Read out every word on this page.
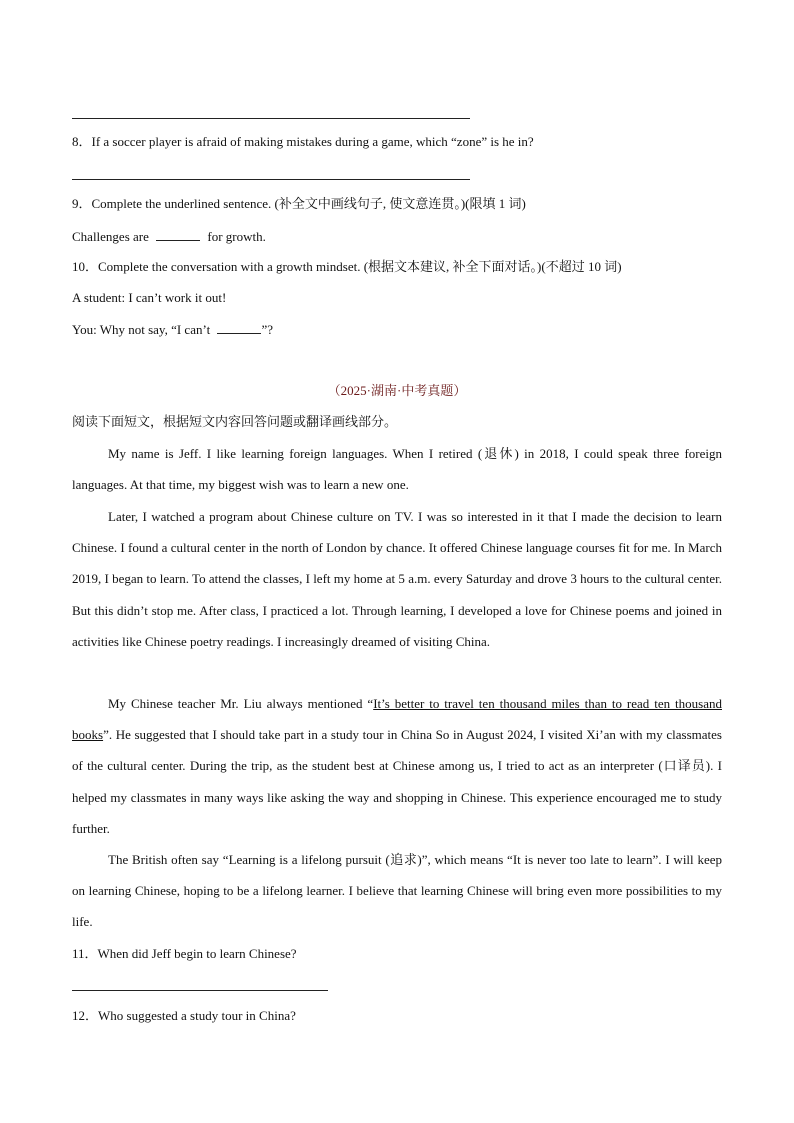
8．If a soccer player is afraid of making mistakes during a game, which “zone” is he in?
9．Complete the underlined sentence. (补全文中画线句子, 使文意连贯。)(限填 1 词)
Challenges are	for growth.
10．Complete the conversation with a growth mindset. (根据文本建议, 补全下面对话。)(不超过 10 词)
A student: I can’t work it out!
You: Why not say, “I can’t	”?
（2025·湖南·中考真题）
阅读下面短文，根据短文内容回答问题或翻译画线部分。

My name is Jeff. I like learning foreign languages. When I retired (退休) in 2018, I could speak three foreign languages. At that time, my biggest wish was to learn a new one.

Later, I watched a program about Chinese culture on TV. I was so interested in it that I made the decision to learn Chinese. I found a cultural center in the north of London by chance. It offered Chinese language courses fit for me. In March 2019, I began to learn. To attend the classes, I left my home at 5 a.m. every Saturday and drove 3 hours to the cultural center. But this didn’t stop me. After class, I practiced a lot. Through learning, I developed a love for Chinese poems and joined in activities like Chinese poetry readings. I increasingly dreamed of visiting China.

My Chinese teacher Mr. Liu always mentioned “It’s better to travel ten thousand miles than to read ten thousand books”. He suggested that I should take part in a study tour in China So in August 2024, I visited Xi’an with my classmates of the cultural center. During the trip, as the student best at Chinese among us, I tried to act as an interpreter (口译员). I helped my classmates in many ways like asking the way and shopping in Chinese. This experience encouraged me to study further.

The British often say “Learning is a lifelong pursuit (追求)”, which means “It is never too late to learn”. I will keep on learning Chinese, hoping to be a lifelong learner. I believe that learning Chinese will bring even more possibilities to my life.

11．When did Jeff begin to learn Chinese?
12．Who suggested a study tour in China?
